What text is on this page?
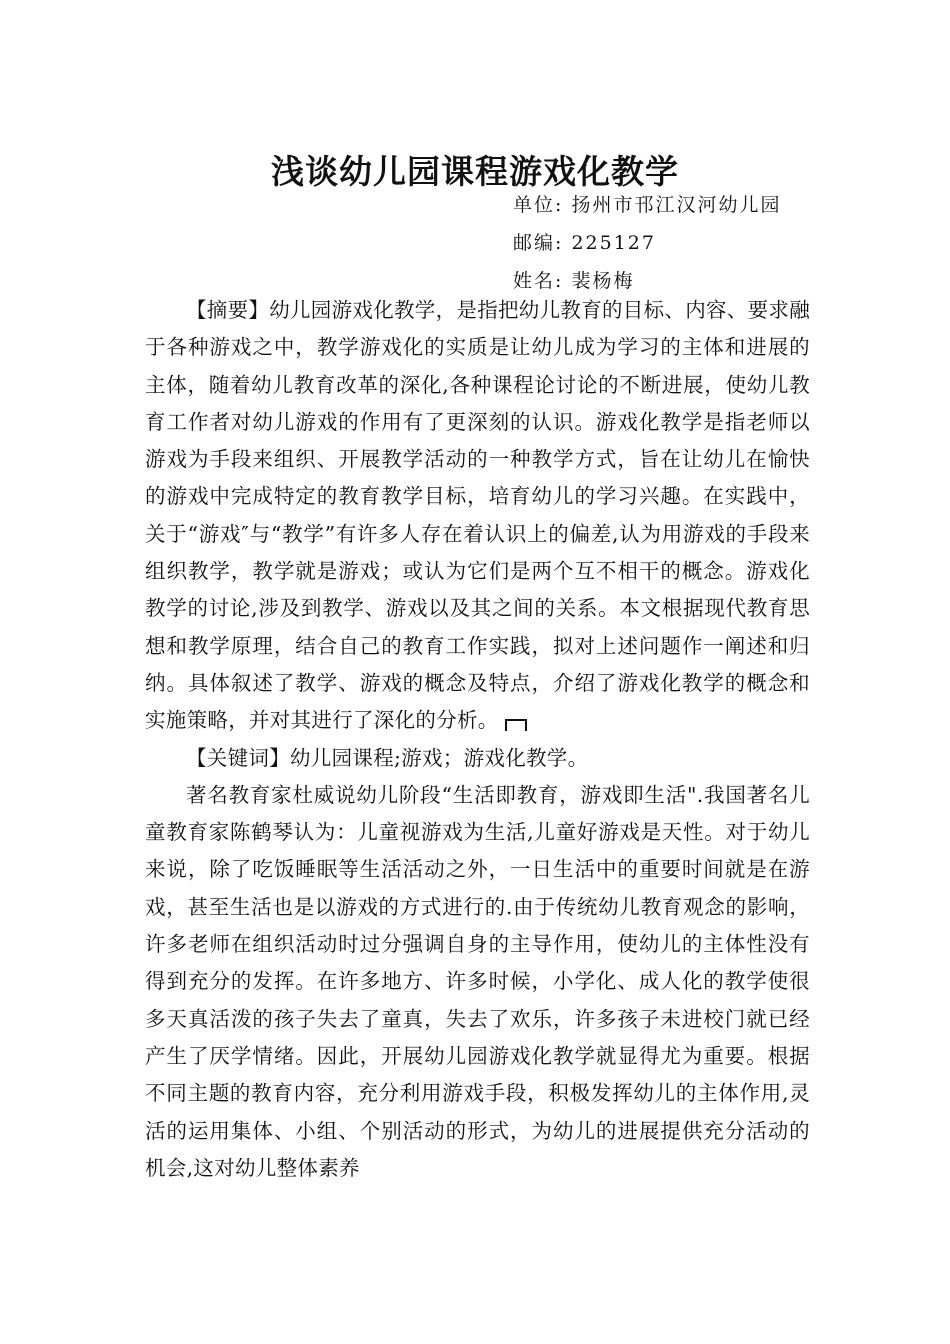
浅谈幼儿园课程游戏化教学
单位: 扬州市邗江汉河幼儿园
邮编: 225127
姓名: 裴杨梅

【摘要】幼儿园游戏化教学，是指把幼儿教育的目标、内容、要求融于各种游戏之中，教学游戏化的实质是让幼儿成为学习的主体和进展的主体，随着幼儿教育改革的深化,各种课程论讨论的不断进展，使幼儿教育工作者对幼儿游戏的作用有了更深刻的认识。游戏化教学是指老师以游戏为手段来组织、开展教学活动的一种教学方式，旨在让幼儿在愉快的游戏中完成特定的教育教学目标，培育幼儿的学习兴趣。在实践中，关于“游戏″与“教学”有许多人存在着认识上的偏差,认为用游戏的手段来组织教学，教学就是游戏；或认为它们是两个互不相干的概念。游戏化教学的讨论,涉及到教学、游戏以及其之间的关系。本文根据现代教育思想和教学原理，结合自己的教育工作实践，拟对上述问题作一阐述和归纳。具体叙述了教学、游戏的概念及特点，介绍了游戏化教学的概念和实施策略，并对其进行了深化的分析。

【关键词】幼儿园课程;游戏；游戏化教学。

著名教育家杜威说幼儿阶段“生活即教育，游戏即生活".我国著名儿童教育家陈鹤琴认为：儿童视游戏为生活,儿童好游戏是天性。对于幼儿来说，除了吃饭睡眠等生活活动之外，一日生活中的重要时间就是在游戏，甚至生活也是以游戏的方式进行的.由于传统幼儿教育观念的影响，许多老师在组织活动时过分强调自身的主导作用，使幼儿的主体性没有得到充分的发挥。在许多地方、许多时候，小学化、成人化的教学使很多天真活泼的孩子失去了童真，失去了欢乐，许多孩子未进校门就已经产生了厌学情绪。因此，开展幼儿园游戏化教学就显得尤为重要。根据不同主题的教育内容，充分利用游戏手段，积极发挥幼儿的主体作用,灵活的运用集体、小组、个别活动的形式，为幼儿的进展提供充分活动的机会,这对幼儿整体素养
